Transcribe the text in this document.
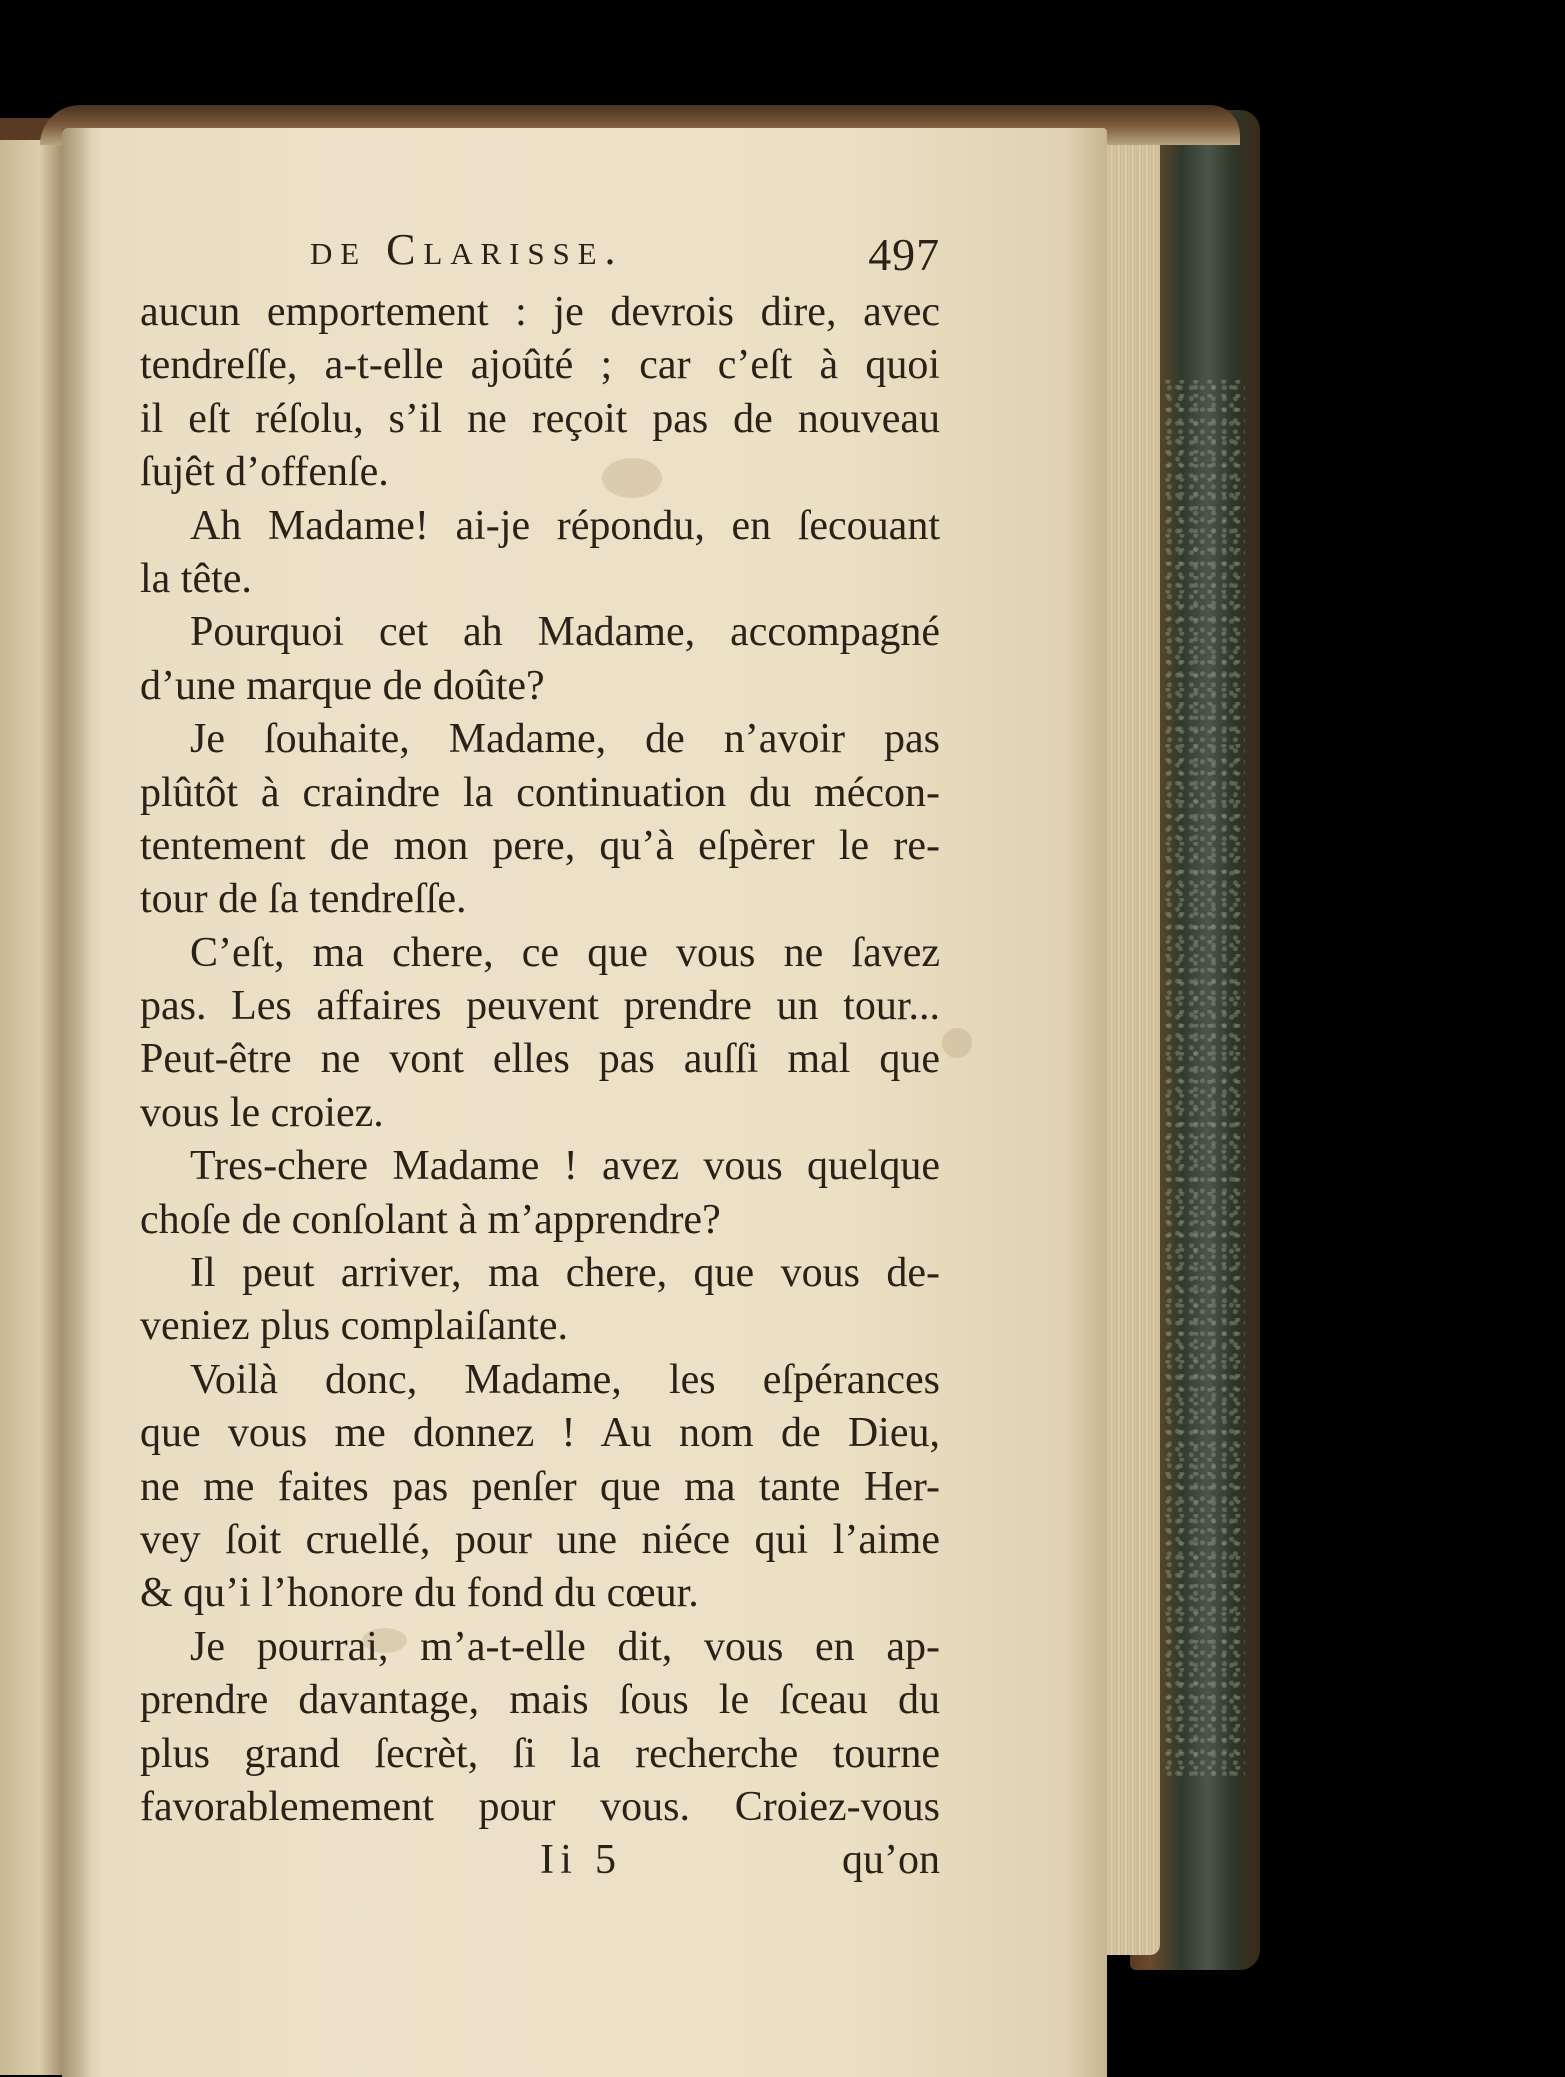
de Clarisse.	497
aucun emportement : je devrois dire, avec
tendreſſe, a-t-elle ajoûté ; car c’eſt à quoi
il eſt réſolu, s’il ne reçoit pas de nouveau
ſujêt d’offenſe.
Ah Madame! ai-je répondu, en ſecouant
la tête.
Pourquoi cet ah Madame, accompagné
d’une marque de doûte?
Je ſouhaite, Madame, de n’avoir pas
plûtôt à craindre la continuation du mécon-
tentement de mon pere, qu’à eſpèrer le re-
tour de ſa tendreſſe.
C’eſt, ma chere, ce que vous ne ſavez
pas. Les affaires peuvent prendre un tour...
Peut-être ne vont elles pas auſſi mal que
vous le croiez.
Tres-chere Madame ! avez vous quelque
choſe de conſolant à m’apprendre?
Il peut arriver, ma chere, que vous de-
veniez plus complaiſante.
Voilà donc, Madame, les eſpérances
que vous me donnez ! Au nom de Dieu,
ne me faites pas penſer que ma tante Her-
vey ſoit cruellé, pour une niéce qui l’aime
& qu’i l’honore du fond du cœur.
Je pourrai, m’a-t-elle dit, vous en ap-
prendre davantage, mais ſous le ſceau du
plus grand ſecrèt, ſi la recherche tourne
favorablemement pour vous. Croiez-vous
Ii 5	qu’on
